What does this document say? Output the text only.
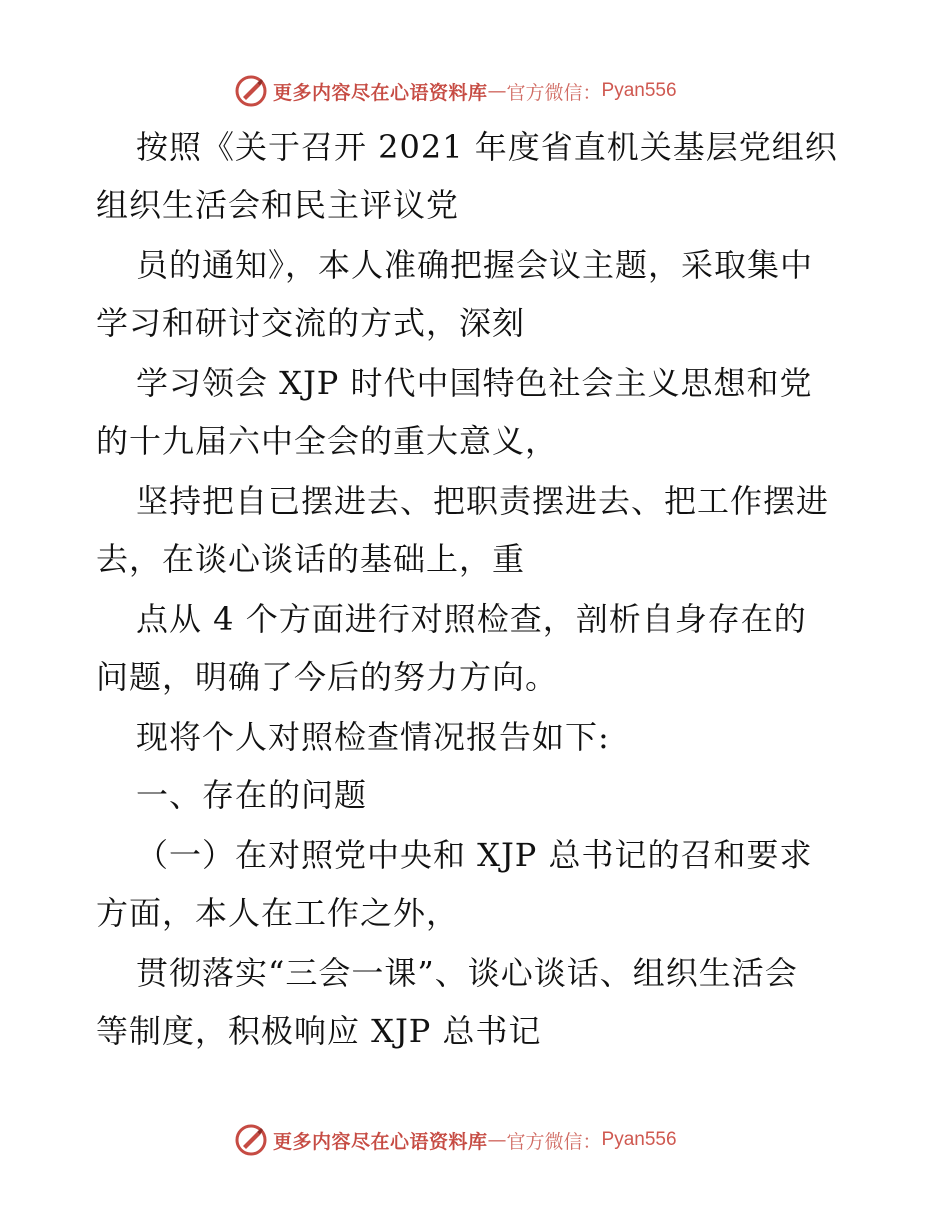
更多内容尽在心语资料库 — 官方微信： Pyan556
按照《关于召开 2021 年度省直机关基层党组织
组织生活会和民主评议党
员的通知》，本人准确把握会议主题，采取集中
学习和研讨交流的方式，深刻
学习领会 XJP 时代中国特色社会主义思想和党
的十九届六中全会的重大意义，
坚持把自已摆进去、把职责摆进去、把工作摆进
去，在谈心谈话的基础上，重
点从 4 个方面进行对照检查，剖析自身存在的
问题，明确了今后的努力方向。
现将个人对照检查情况报告如下:
一、存在的问题
（一）在对照党中央和 XJP 总书记的召和要求
方面，本人在工作之外，
贯彻落实“三会一课”、谈心谈话、组织生活会
等制度，积极响应 XJP 总书记
更多内容尽在心语资料库 — 官方微信： Pyan556
